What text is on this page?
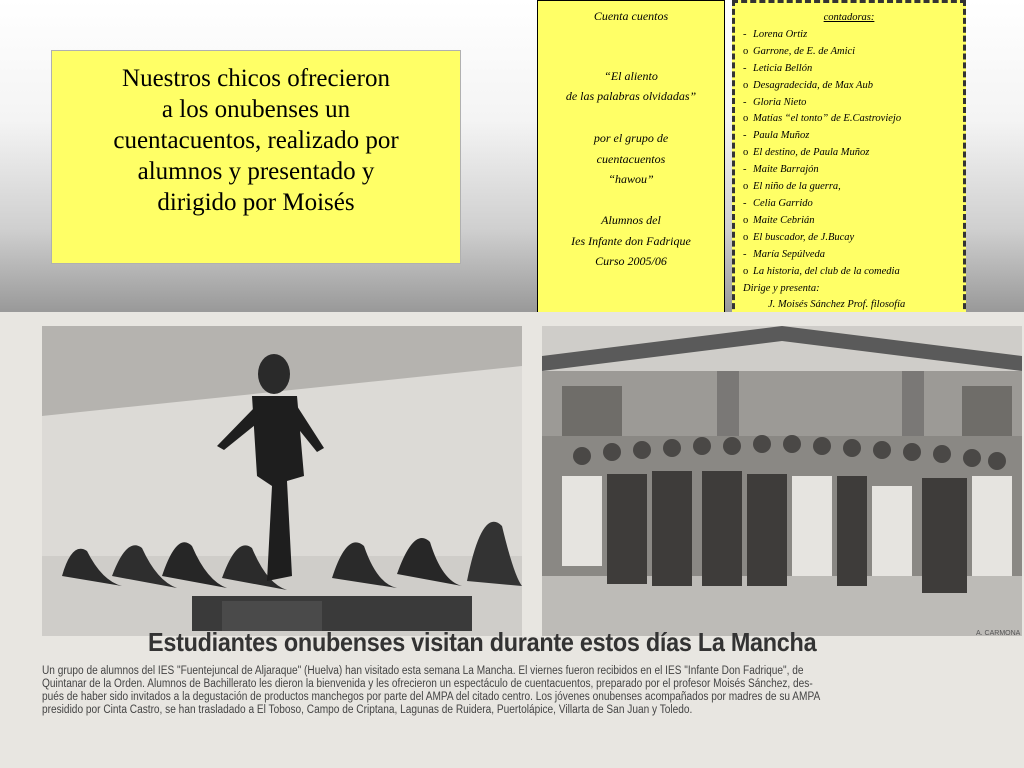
Nuestros chicos ofrecieron
a los onubenses un
cuentacuentos, realizado por
alumnos y presentado y
dirigido por Moisés
Cuenta cuentos
“El aliento
de las palabras olvidadas”
por el grupo de
cuentacuentos
“hawou”
Alumnos del
Ies Infante don Fadrique
Curso 2005/06
contadoras:
- Lorena Ortiz
o Garrone, de E. de Amici
- Leticia Bellón
o Desagradecida, de Max Aub
- Gloria Nieto
o Matías “el tonto” de E.Castroviejo
- Paula Muñoz
o El destino, de Paula Muñoz
- Maite Barrajón
o El niño de la guerra,
- Celia Garrido
o Maite Cebrián
o El buscador, de J.Bucay
- María Sepúlveda
o La historia, del club de la comedia
Dirige y presenta:
J. Moisés Sánchez Prof. filosofía
Estudiantes onubenses visitan durante estos días La Mancha	A. CARMONA

Un grupo de alumnos del IES "Fuentejuncal de Aljaraque" (Huelva) han visitado esta semana La Mancha. El viernes fueron recibidos en el IES "Infante Don Fadrique", de
Quintanar de la Orden. Alumnos de Bachillerato les dieron la bienvenida y les ofrecieron un espectáculo de cuentacuentos, preparado por el profesor Moisés Sánchez, des-
pués de haber sido invitados a la degustación de productos manchegos por parte del AMPA del citado centro. Los jóvenes onubenses acompañados por madres de su AMPA
presidido por Cinta Castro, se han trasladado a El Toboso, Campo de Criptana, Lagunas de Ruidera, Puertolápice, Villarta de San Juan y Toledo.
